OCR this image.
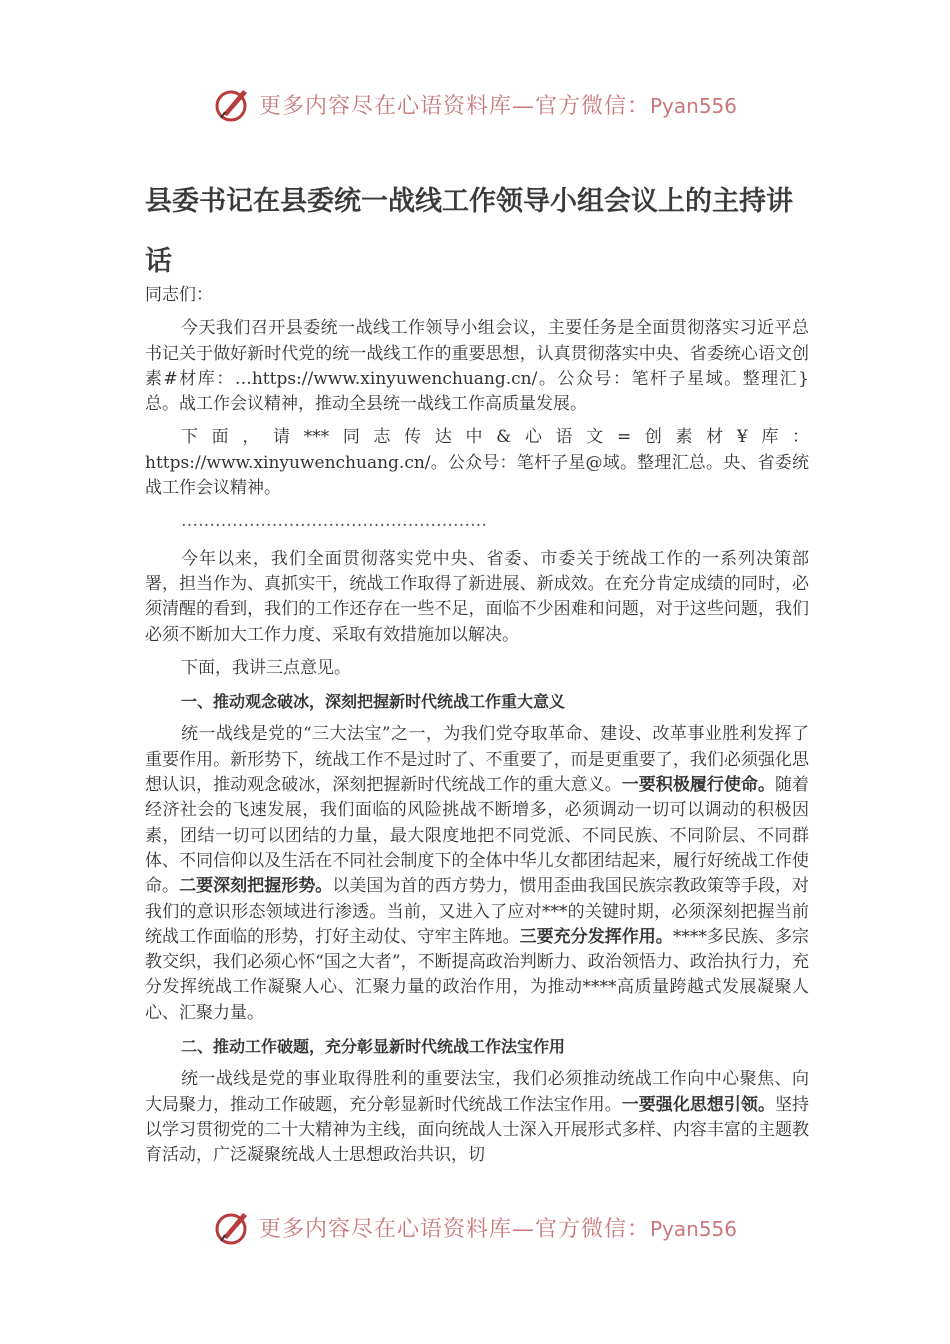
更多内容尽在心语资料库—官方微信：Pyan556
县委书记在县委统一战线工作领导小组会议上的主持讲话

同志们：

今天我们召开县委统一战线工作领导小组会议，主要任务是全面贯彻落实习近平总书记关于做好新时代党的统一战线工作的重要思想，认真贯彻落实中央、省委统心语文创素#材库：…https://www.xinyuwenchuang.cn/。公众号：笔杆子星域。整理汇}总。战工作会议精神，推动全县统一战线工作高质量发展。

下面，请***同志传达中&心语文=创素材¥库：https://www.xinyuwenchuang.cn/。公众号：笔杆子星@域。整理汇总。央、省委统战工作会议精神。

………………………………………………

今年以来，我们全面贯彻落实党中央、省委、市委关于统战工作的一系列决策部署，担当作为、真抓实干，统战工作取得了新进展、新成效。在充分肯定成绩的同时，必须清醒的看到，我们的工作还存在一些不足，面临不少困难和问题，对于这些问题，我们必须不断加大工作力度、采取有效措施加以解决。

下面，我讲三点意见。

一、推动观念破冰，深刻把握新时代统战工作重大意义

统一战线是党的“三大法宝”之一，为我们党夺取革命、建设、改革事业胜利发挥了重要作用。新形势下，统战工作不是过时了、不重要了，而是更重要了，我们必须强化思想认识，推动观念破冰，深刻把握新时代统战工作的重大意义。一要积极履行使命。随着经济社会的飞速发展，我们面临的风险挑战不断增多，必须调动一切可以调动的积极因素，团结一切可以团结的力量，最大限度地把不同党派、不同民族、不同阶层、不同群体、不同信仰以及生活在不同社会制度下的全体中华儿女都团结起来，履行好统战工作使命。二要深刻把握形势。以美国为首的西方势力，惯用歪曲我国民族宗教政策等手段，对我们的意识形态领域进行渗透。当前，又进入了应对***的关键时期，必须深刻把握当前统战工作面临的形势，打好主动仗、守牢主阵地。三要充分发挥作用。****多民族、多宗教交织，我们必须心怀“国之大者”，不断提高政治判断力、政治领悟力、政治执行力，充分发挥统战工作凝聚人心、汇聚力量的政治作用，为推动****高质量跨越式发展凝聚人心、汇聚力量。

二、推动工作破题，充分彰显新时代统战工作法宝作用

统一战线是党的事业取得胜利的重要法宝，我们必须推动统战工作向中心聚焦、向大局聚力，推动工作破题，充分彰显新时代统战工作法宝作用。一要强化思想引领。坚持以学习贯彻党的二十大精神为主线，面向统战人士深入开展形式多样、内容丰富的主题教育活动，广泛凝聚统战人士思想政治共识，切

更多内容尽在心语资料库—官方微信：Pyan556
